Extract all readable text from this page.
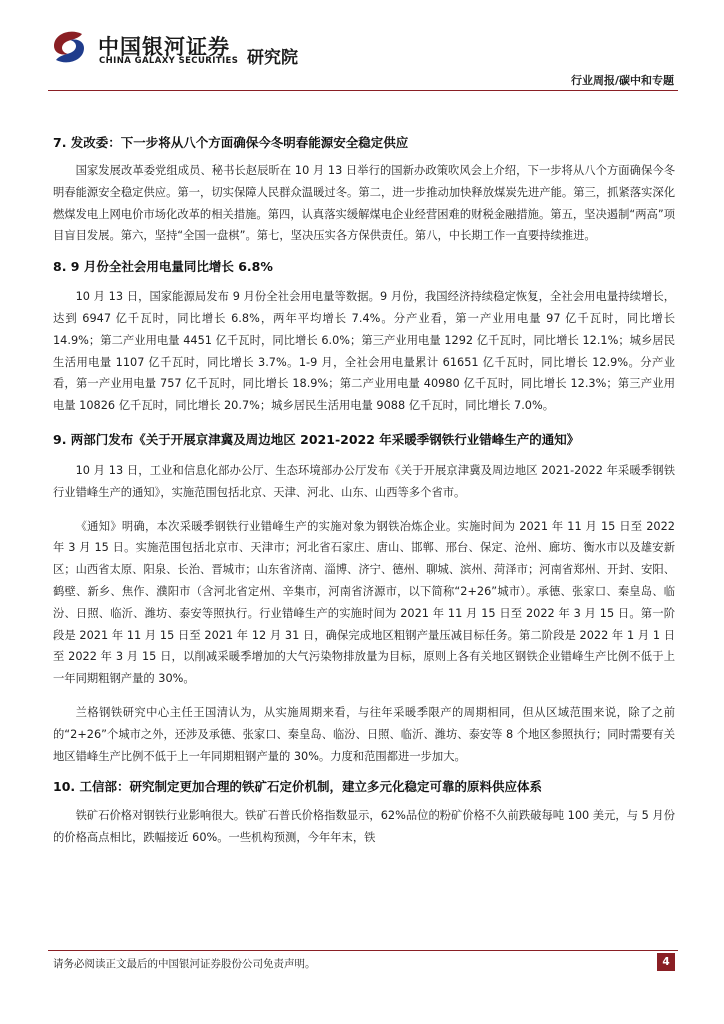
中国银河证券
CHINA GALAXY SECURITIES 研究院
行业周报/碳中和专题
7. 发改委：下一步将从八个方面确保今冬明春能源安全稳定供应

国家发展改革委党组成员、秘书长赵辰昕在 10 月 13 日举行的国新办政策吹风会上介绍，下一步将从八个方面确保今冬明春能源安全稳定供应。第一，切实保障人民群众温暖过冬。第二，进一步推动加快释放煤炭先进产能。第三，抓紧落实深化燃煤发电上网电价市场化改革的相关措施。第四，认真落实缓解煤电企业经营困难的财税金融措施。第五，坚决遏制“两高”项目盲目发展。第六，坚持“全国一盘棋”。第七，坚决压实各方保供责任。第八，中长期工作一直要持续推进。

8. 9 月份全社会用电量同比增长 6.8%

10 月 13 日，国家能源局发布 9 月份全社会用电量等数据。9 月份，我国经济持续稳定恢复，全社会用电量持续增长，达到 6947 亿千瓦时，同比增长 6.8%，两年平均增长 7.4%。分产业看，第一产业用电量 97 亿千瓦时，同比增长 14.9%；第二产业用电量 4451 亿千瓦时，同比增长 6.0%；第三产业用电量 1292 亿千瓦时，同比增长 12.1%；城乡居民生活用电量 1107 亿千瓦时，同比增长 3.7%。1-9 月，全社会用电量累计 61651 亿千瓦时，同比增长 12.9%。分产业看，第一产业用电量 757 亿千瓦时，同比增长 18.9%；第二产业用电量 40980 亿千瓦时，同比增长 12.3%；第三产业用电量 10826 亿千瓦时，同比增长 20.7%；城乡居民生活用电量 9088 亿千瓦时，同比增长 7.0%。

9. 两部门发布《关于开展京津冀及周边地区 2021-2022 年采暖季钢铁行业错峰生产的通知》

10 月 13 日，工业和信息化部办公厅、生态环境部办公厅发布《关于开展京津冀及周边地区 2021-2022 年采暖季钢铁行业错峰生产的通知》，实施范围包括北京、天津、河北、山东、山西等多个省市。

《通知》明确，本次采暖季钢铁行业错峰生产的实施对象为钢铁冶炼企业。实施时间为 2021 年 11 月 15 日至 2022 年 3 月 15 日。实施范围包括北京市、天津市；河北省石家庄、唐山、邯郸、邢台、保定、沧州、廊坊、衡水市以及雄安新区；山西省太原、阳泉、长治、晋城市；山东省济南、淄博、济宁、德州、聊城、滨州、菏泽市；河南省郑州、开封、安阳、鹤壁、新乡、焦作、濮阳市（含河北省定州、辛集市，河南省济源市，以下简称“2+26”城市）。承德、张家口、秦皇岛、临汾、日照、临沂、潍坊、泰安等照执行。行业错峰生产的实施时间为 2021 年 11 月 15 日至 2022 年 3 月 15 日。第一阶段是 2021 年 11 月 15 日至 2021 年 12 月 31 日，确保完成地区粗钢产量压减目标任务。第二阶段是 2022 年 1 月 1 日至 2022 年 3 月 15 日，以削减采暖季增加的大气污染物排放量为目标，原则上各有关地区钢铁企业错峰生产比例不低于上一年同期粗钢产量的 30%。

兰格钢铁研究中心主任王国清认为，从实施周期来看，与往年采暖季限产的周期相同，但从区域范围来说，除了之前的“2+26”个城市之外，还涉及承德、张家口、秦皇岛、临汾、日照、临沂、潍坊、泰安等 8 个地区参照执行；同时需要有关地区错峰生产比例不低于上一年同期粗钢产量的 30%。力度和范围都进一步加大。

10. 工信部：研究制定更加合理的铁矿石定价机制，建立多元化稳定可靠的原料供应体系

铁矿石价格对钢铁行业影响很大。铁矿石普氏价格指数显示，62%品位的粉矿价格不久前跌破每吨 100 美元，与 5 月份的价格高点相比，跌幅接近 60%。一些机构预测，今年年末，铁

请务必阅读正文最后的中国银河证券股份公司免责声明。	4
